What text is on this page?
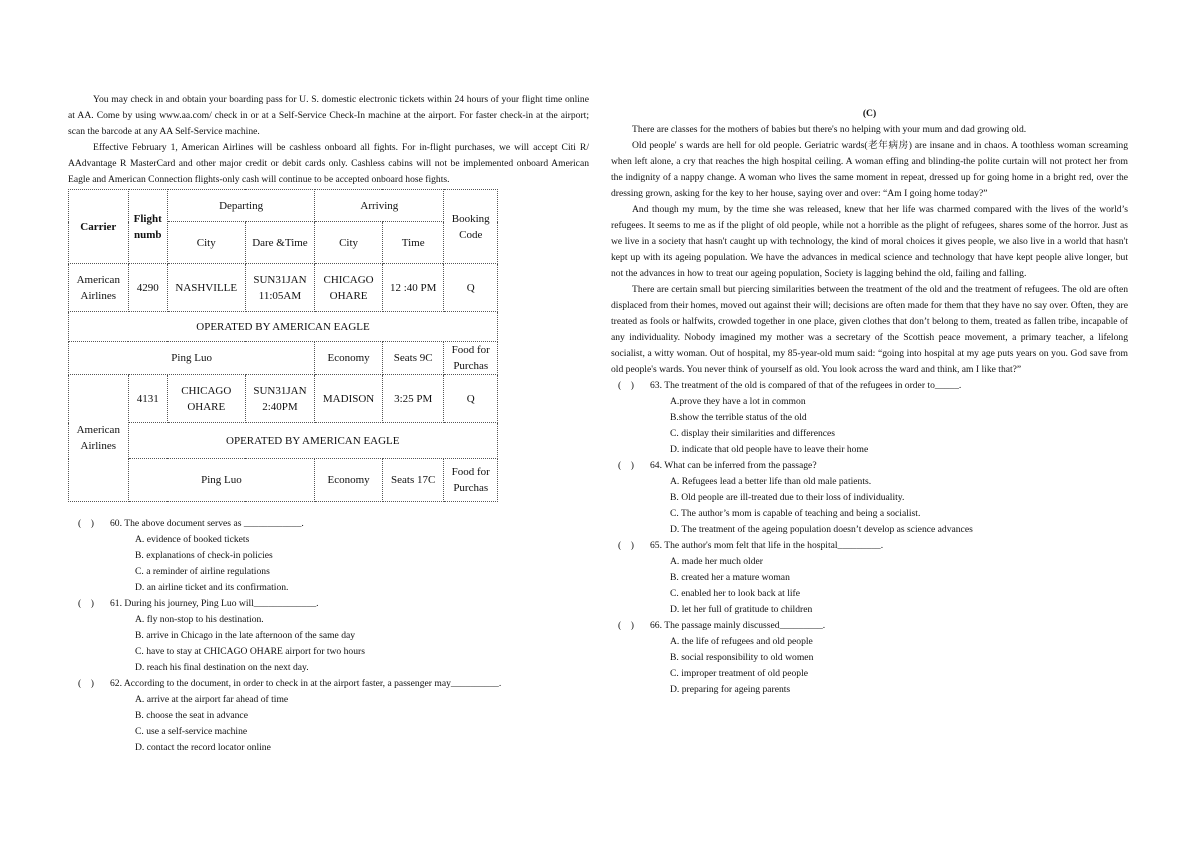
You may check in and obtain your boarding pass for U. S. domestic electronic tickets within 24 hours of your flight time online at AA. Come by using www.aa.com/ check in or at a Self-Service Check-In machine at the airport. For faster check-in at the airport; scan the barcode at any AA Self-Service machine.

Effective February 1, American Airlines will be cashless onboard all fights. For in-flight purchases, we will accept Citi R/ AAdvantage R MasterCard and other major credit or debit cards only. Cashless cabins will not be implemented onboard American Eagle and American Connection flights-only cash will continue to be accepted onboard hose fights.

Carrier	Flight numb	Departing		Arriving		Booking Code
		City	Dare &Time	City	Time	
American Airlines	4290	NASHVILLE	SUN31JAN 11:05AM	CHICAGO OHARE	12 :40 PM	Q
OPERATED BY AMERICAN EAGLE						
Ping Luo				Economy	Seats 9C	Food for Purchas
American Airlines	4131	CHICAGO OHARE	SUN31JAN 2:40PM	MADISON	3:25 PM	Q
	OPERATED BY AMERICAN EAGLE					
	Ping Luo			Economy	Seats 17C	Food for Purchas
(    ) 60. The above document serves as ____________.
A. evidence of booked tickets
B. explanations of check-in policies
C. a reminder of airline regulations
D. an airline ticket and its confirmation.
(    ) 61. During his journey, Ping Luo will_____________.
A. fly non-stop to his destination.
B. arrive in Chicago in the late afternoon of the same day
C. have to stay at CHICAGO OHARE airport for two hours
D. reach his final destination on the next day.
(    ) 62. According to the document, in order to check in at the airport faster, a passenger may__________.
A. arrive at the airport far ahead of time
B. choose the seat in advance
C. use a self-service machine
D. contact the record locator online

(C)

There are classes for the mothers of babies but there's no helping with your mum and dad growing old.

Old people' s wards are hell for old people. Geriatric wards(老年病房) are insane and in chaos. A toothless woman screaming when left alone, a cry that reaches the high hospital ceiling. A woman effing and blinding-the polite curtain will not protect her from the indignity of a nappy change. A woman who lives the same moment in repeat, dressed up for going home in a bright red, over the dressing grown, asking for the key to her house, saying over and over: “Am I going home today?”

And though my mum, by the time she was released, knew that her life was charmed compared with the lives of the world’s refugees. It seems to me as if the plight of old people, while not a horrible as the plight of refugees, shares some of the horror. Just as we live in a society that hasn't caught up with technology, the kind of moral choices it gives people, we also live in a world that hasn't kept up with its ageing population. We have the advances in medical science and technology that have kept people alive longer, but not the advances in how to treat our ageing population, Society is lagging behind the old, failing and falling.

There are certain small but piercing similarities between the treatment of the old and the treatment of refugees. The old are often displaced from their homes, moved out against their will; decisions are often made for them that they have no say over. Often, they are treated as fools or halfwits, crowded together in one place, given clothes that don’t belong to them, treated as fallen tribe, incapable of any individuality. Nobody imagined my mother was a secretary of the Scottish peace movement, a primary teacher, a lifelong socialist, a witty woman. Out of hospital, my 85-year-old mum said: “going into hospital at my age puts years on you. God save from old people's wards. You never think of yourself as old. You look across the ward and think, am I like that?”

(    ) 63. The treatment of the old is compared of that of the refugees in order to_____.
A.prove they have a lot in common
B.show the terrible status of the old
C. display their similarities and differences
D. indicate that old people have to leave their home
(    ) 64. What can be inferred from the passage?
A. Refugees lead a better life than old male patients.
B. Old people are ill-treated due to their loss of individuality.
C. The author’s mom is capable of teaching and being a socialist.
D. The treatment of the ageing population doesn’t develop as science advances
(    ) 65. The author's mom felt that life in the hospital_________.
A. made her much older
B. created her a mature woman
C. enabled her to look back at life
D. let her full of gratitude to children
(    ) 66. The passage mainly discussed_________.
A. the life of refugees and old people
B. social responsibility to old women
C. improper treatment of old people
D. preparing for ageing parents
